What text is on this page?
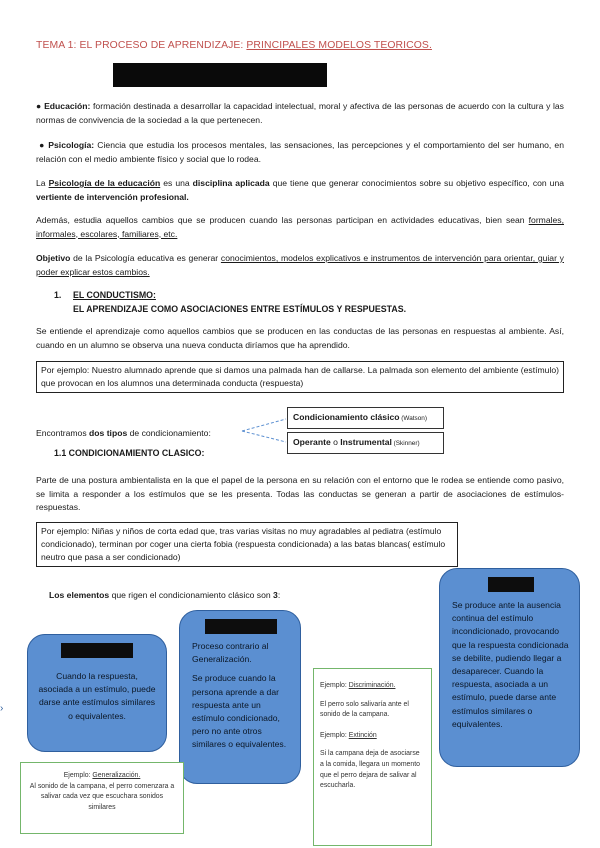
TEMA 1: EL PROCESO DE APRENDIZAJE: PRINCIPALES MODELOS TEORICOS.
● Educación: formación destinada a desarrollar la capacidad intelectual, moral y afectiva de las personas de acuerdo con la cultura y las normas de convivencia de la sociedad a la que pertenecen.
● Psicología: Ciencia que estudia los procesos mentales, las sensaciones, las percepciones y el comportamiento del ser humano, en relación con el medio ambiente físico y social que lo rodea.
La Psicología de la educación es una disciplina aplicada que tiene que generar conocimientos sobre su objetivo específico, con una vertiente de intervención profesional.
Además, estudia aquellos cambios que se producen cuando las personas participan en actividades educativas, bien sean formales, informales, escolares, familiares, etc.
Objetivo de la Psicología educativa es generar conocimientos, modelos explicativos e instrumentos de intervención para orientar, guiar y poder explicar estos cambios.
1. EL CONDUCTISMO:
EL APRENDIZAJE COMO ASOCIACIONES ENTRE ESTÍMULOS Y RESPUESTAS.
Se entiende el aprendizaje como aquellos cambios que se producen en las conductas de las personas en respuestas al ambiente. Así, cuando en un alumno se observa una nueva conducta diríamos que ha aprendido.
Por ejemplo: Nuestro alumnado aprende que si damos una palmada han de callarse. La palmada son elemento del ambiente (estímulo) que provocan en los alumnos una determinada conducta (respuesta)
Encontramos dos tipos de condicionamiento:
Condicionamiento clásico (Watson)
Operante o Instrumental (Skinner)
1.1 CONDICIONAMIENTO CLASICO:
Parte de una postura ambientalista en la que el papel de la persona en su relación con el entorno que le rodea se entiende como pasivo, se limita a responder a los estímulos que se les presenta. Todas las conductas se generan a partir de asociaciones de estímulos-respuestas.
Por ejemplo: Niñas y niños de corta edad que, tras varias visitas no muy agradables al pediatra (estímulo condicionado), terminan por coger una cierta fobia (respuesta condicionada) a las batas blancas( estímulo neutro que pasa a ser condicionado)
Los elementos que rigen el condicionamiento clásico son 3:
Cuando la respuesta, asociada a un estímulo, puede darse ante estímulos similares o equivalentes.
›
Proceso contrario al Generalización.
Se produce cuando la persona aprende a dar respuesta ante un estímulo condicionado, pero no ante otros similares o equivalentes.
Se produce ante la ausencia continua del estímulo incondicionado, provocando que la respuesta condicionada se debilite, pudiendo llegar a desaparecer. Cuando la respuesta, asociada a un estímulo, puede darse ante estímulos similares o equivalentes.
Ejemplo: Generalización.
Al sonido de la campana, el perro comenzara a salivar cada vez que escuchara sonidos similares
Ejemplo: Discriminación.
El perro solo salivaría ante el sonido de la campana.
Ejemplo: Extinción
Si la campana deja de asociarse a la comida, llegara un momento que el perro dejara de salivar al escucharla.
